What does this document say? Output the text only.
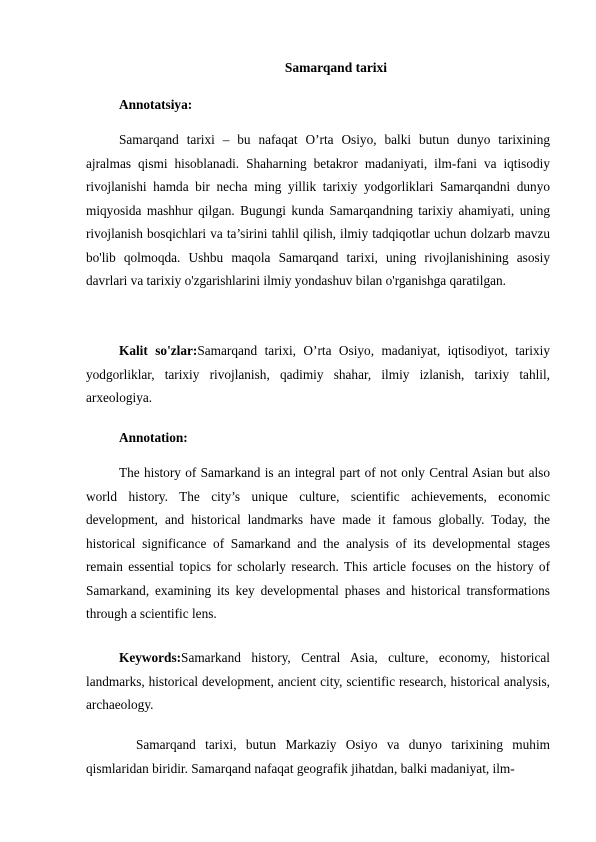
Samarqand tarixi
Annotatsiya:

Samarqand tarixi – bu nafaqat O’rta Osiyo, balki butun dunyo tarixining ajralmas qismi hisoblanadi. Shaharning betakror madaniyati, ilm-fani va iqtisodiy rivojlanishi hamda bir necha ming yillik tarixiy yodgorliklari Samarqandni dunyo miqyosida mashhur qilgan. Bugungi kunda Samarqandning tarixiy ahamiyati, uning rivojlanish bosqichlari va ta’sirini tahlil qilish, ilmiy tadqiqotlar uchun dolzarb mavzu bo'lib qolmoqda. Ushbu maqola Samarqand tarixi, uning rivojlanishining asosiy davrlari va tarixiy o'zgarishlarini ilmiy yondashuv bilan o'rganishga qaratilgan.

Kalit so'zlar:Samarqand tarixi, O’rta Osiyo, madaniyat, iqtisodiyot, tarixiy yodgorliklar, tarixiy rivojlanish, qadimiy shahar, ilmiy izlanish, tarixiy tahlil, arxeologiya.

Annotation:

The history of Samarkand is an integral part of not only Central Asian but also world history. The city’s unique culture, scientific achievements, economic development, and historical landmarks have made it famous globally. Today, the historical significance of Samarkand and the analysis of its developmental stages remain essential topics for scholarly research. This article focuses on the history of Samarkand, examining its key developmental phases and historical transformations through a scientific lens.

Keywords:Samarkand history, Central Asia, culture, economy, historical landmarks, historical development, ancient city, scientific research, historical analysis, archaeology.

Samarqand tarixi, butun Markaziy Osiyo va dunyo tarixining muhim qismlaridan biridir. Samarqand nafaqat geografik jihatdan, balki madaniyat, ilm-
